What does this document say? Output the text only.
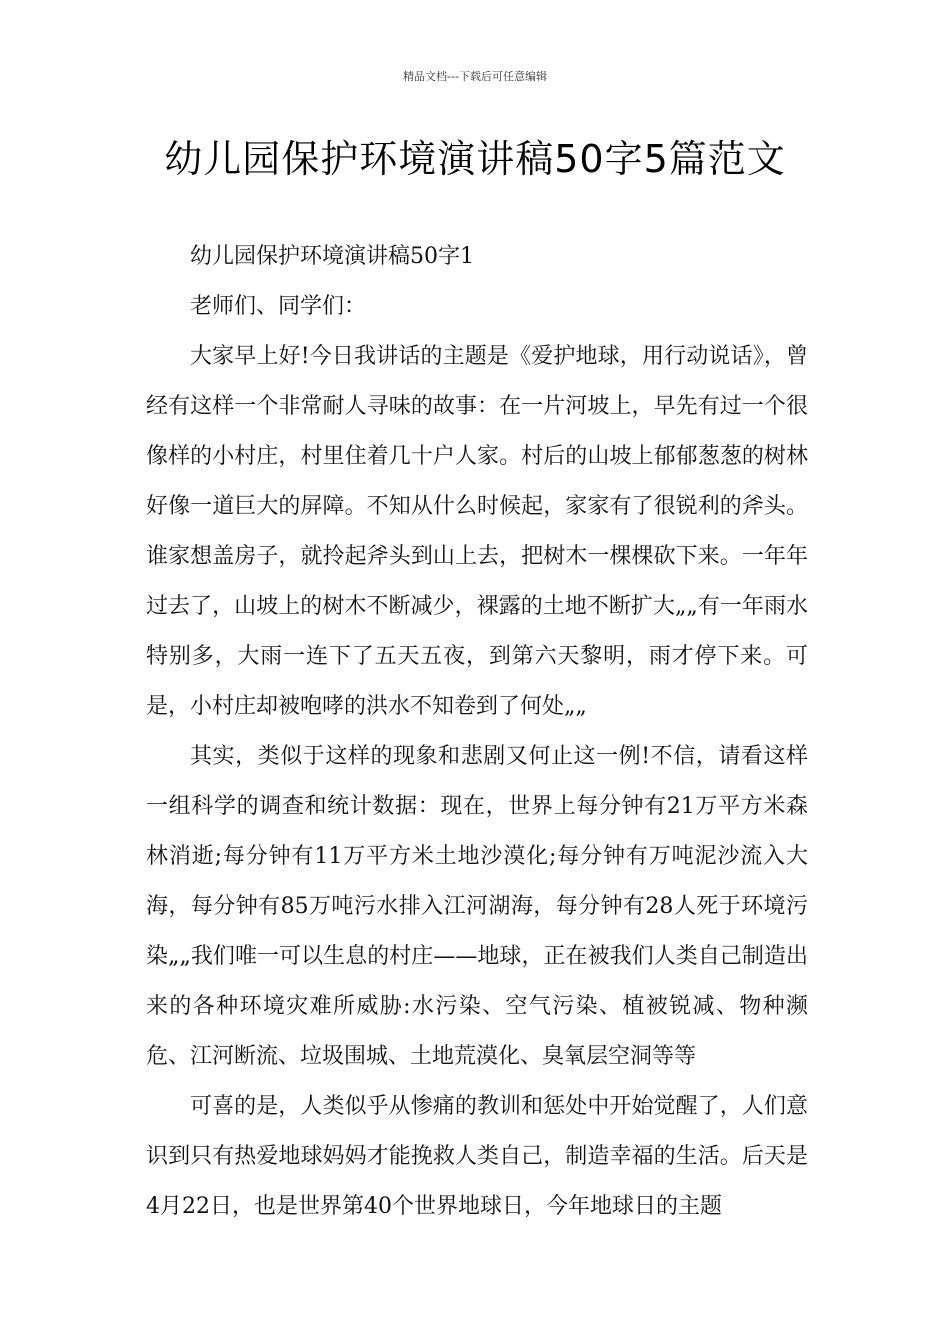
精品文档---下载后可任意编辑
幼儿园保护环境演讲稿50字5篇范文

幼儿园保护环境演讲稿50字1

老师们、同学们：

大家早上好!今日我讲话的主题是《爱护地球，用行动说话》，曾经有这样一个非常耐人寻味的故事：在一片河坡上，早先有过一个很像样的小村庄，村里住着几十户人家。村后的山坡上郁郁葱葱的树林好像一道巨大的屏障。不知从什么时候起，家家有了很锐利的斧头。谁家想盖房子，就拎起斧头到山上去，把树木一棵棵砍下来。一年年过去了，山坡上的树木不断减少，裸露的土地不断扩大„„有一年雨水特别多，大雨一连下了五天五夜，到第六天黎明，雨才停下来。可是，小村庄却被咆哮的洪水不知卷到了何处„„

其实，类似于这样的现象和悲剧又何止这一例!不信，请看这样一组科学的调查和统计数据：现在，世界上每分钟有21万平方米森林消逝;每分钟有11万平方米土地沙漠化;每分钟有万吨泥沙流入大海，每分钟有85万吨污水排入江河湖海，每分钟有28人死于环境污染„„我们唯一可以生息的村庄——地球，正在被我们人类自己制造出来的各种环境灾难所威胁:水污染、空气污染、植被锐减、物种濒危、江河断流、垃圾围城、土地荒漠化、臭氧层空洞等等

可喜的是，人类似乎从惨痛的教训和惩处中开始觉醒了，人们意识到只有热爱地球妈妈才能挽救人类自己，制造幸福的生活。后天是4月22日，也是世界第40个世界地球日，今年地球日的主题
